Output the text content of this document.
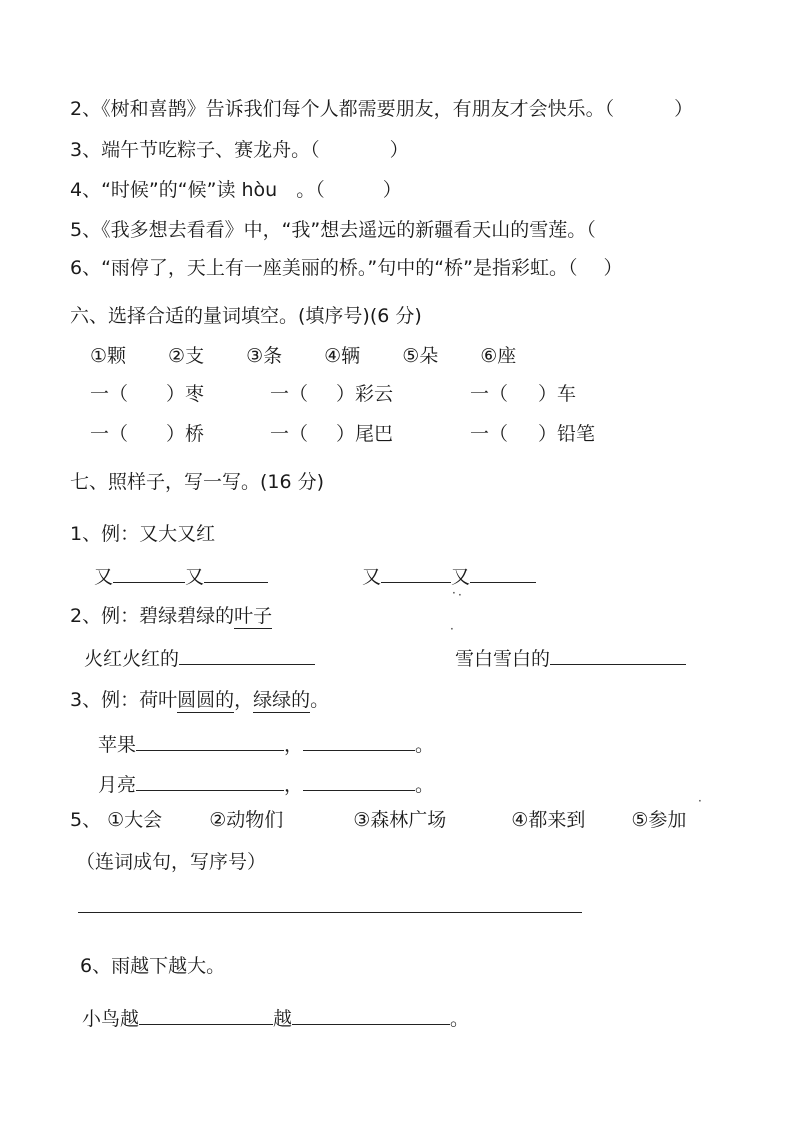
2、《树和喜鹊》告诉我们每个人都需要朋友，有朋友才会快乐。（	）
3、端午节吃粽子、赛龙舟。（	）
4、“时候”的“候”读 hòu　。（	）
5、《我多想去看看》中，“我”想去遥远的新疆看天山的雪莲。（
6、“雨停了，天上有一座美丽的桥。”句中的“桥”是指彩虹。（ ）
六、选择合适的量词填空。(填序号)(6 分)
①颗 ②支 ③条 ④辆 ⑤朵 ⑥座
一（ ）枣	一（ ）彩云	一（ ）车
一（ ）桥	一（ ）尾巴	一（ ）铅笔
七、照样子，写一写。(16 分)
1、例：又大又红
又	又	又	又
2、例：碧绿碧绿的叶子
火红火红的	雪白雪白的
3、例：荷叶圆圆的，绿绿的。
苹果	，	。
月亮	，	。
5、 ①大会 ②动物们	③森林广场	④都来到 ⑤参加
（连词成句，写序号）
6、雨越下越大。
小鸟越	越	。
· ·
·
·
